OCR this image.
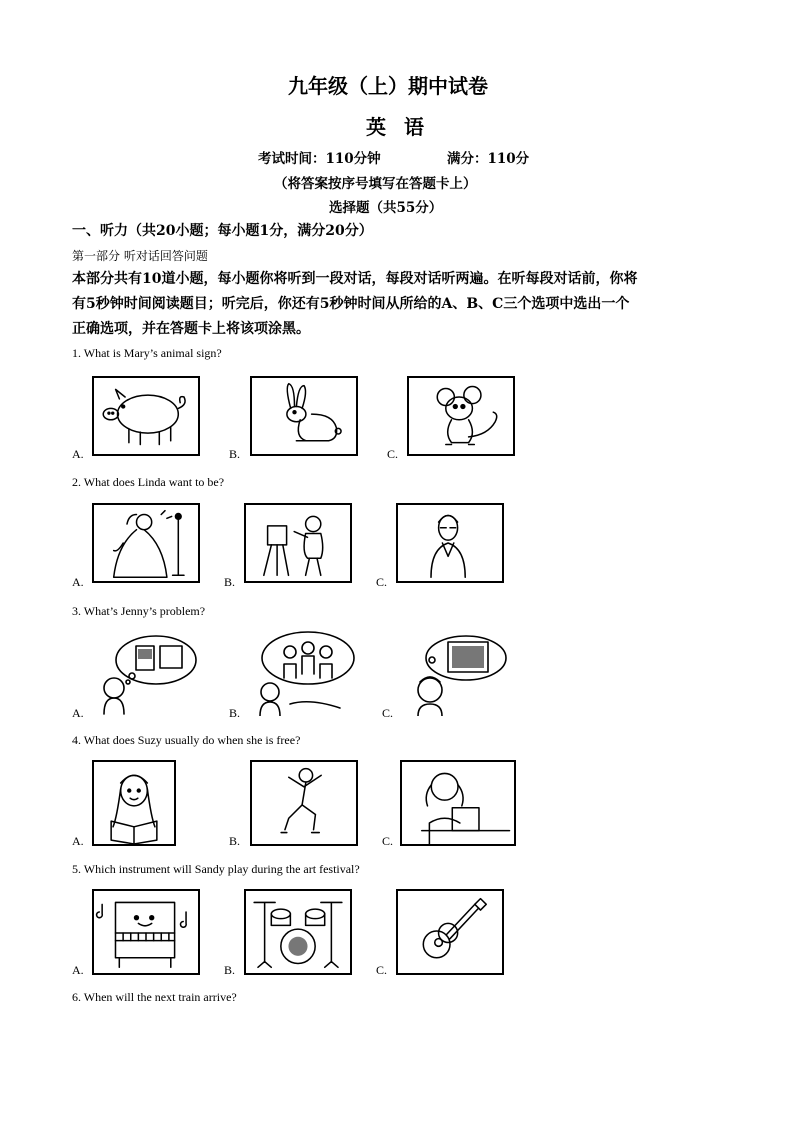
九年级（上）期中试卷
英语
考试时间：110分钟	满分：110分
（将答案按序号填写在答题卡上）
选择题（共55分）
一、听力（共20小题；每小题1分，满分20分）
第一部分 听对话回答问题
本部分共有10道小题，每小题你将听到一段对话，每段对话听两遍。在听每段对话前，你将
有5秒钟时间阅读题目；听完后，你还有5秒钟时间从所给的A、B、C三个选项中选出一个
正确选项，并在答题卡上将该项涂黑。
1. What is Mary’s animal sign?
A.	B.	C.
2. What does Linda want to be?
A.	B.	C.
3. What’s Jenny’s problem?
A.	B.	C.
4. What does Suzy usually do when she is free?
A.	B.	C.
5. Which instrument will Sandy play during the art festival?
A.	B.	C.
6. When will the next train arrive?
